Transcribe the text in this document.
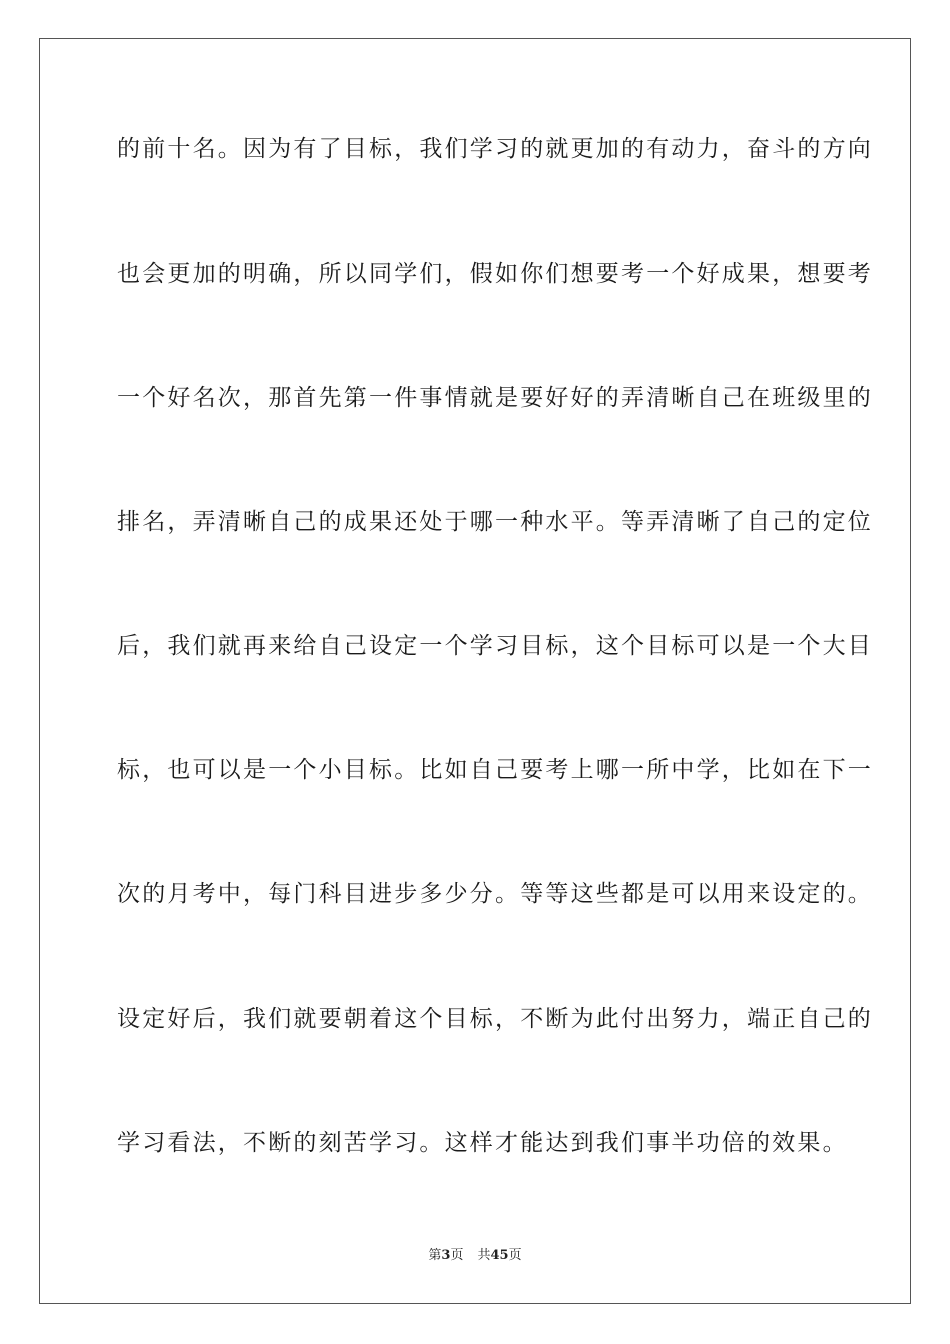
的前十名。因为有了目标，我们学习的就更加的有动力，奋斗的方向
也会更加的明确，所以同学们，假如你们想要考一个好成果，想要考
一个好名次，那首先第一件事情就是要好好的弄清晰自己在班级里的
排名，弄清晰自己的成果还处于哪一种水平。等弄清晰了自己的定位
后，我们就再来给自己设定一个学习目标，这个目标可以是一个大目
标，也可以是一个小目标。比如自己要考上哪一所中学，比如在下一
次的月考中，每门科目进步多少分。等等这些都是可以用来设定的。
设定好后，我们就要朝着这个目标，不断为此付出努力，端正自己的
学习看法，不断的刻苦学习。这样才能达到我们事半功倍的效果。
第3页 共45页
